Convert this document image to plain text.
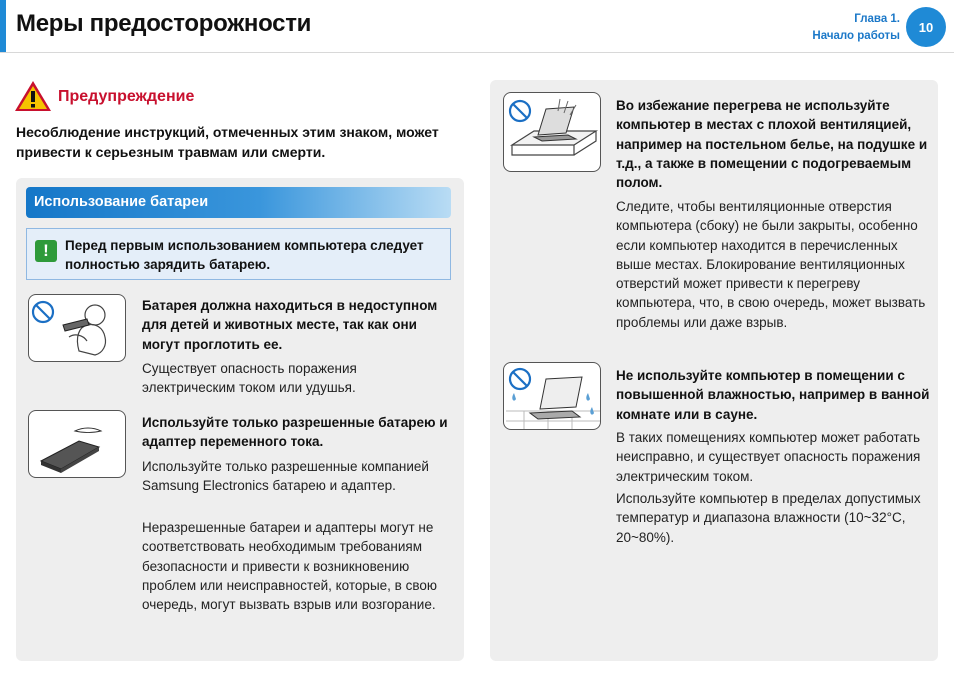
Меры предосторожности	Глава 1.
Начало работы
10
Предупреждение

Несоблюдение инструкций, отмеченных этим знаком, может привести к серьезным травмам или смерти.

Использование батареи
!	Перед первым использованием компьютера следует полностью зарядить батарею.

Батарея должна находиться в недоступном для детей и животных месте, так как они могут проглотить ее.

Существует опасность поражения электрическим током или удушья.

Используйте только разрешенные батарею и адаптер переменного тока.

Используйте только разрешенные компанией Samsung Electronics батарею и адаптер.

Неразрешенные батареи и адаптеры могут не соответствовать необходимым требованиям безопасности и привести к возникновению проблем или неисправностей, которые, в свою очередь, могут вызвать взрыв или возгорание.

Во избежание перегрева не используйте компьютер в местах с плохой вентиляцией, например на постельном белье, на подушке и т.д., а также в помещении с подогреваемым полом.

Следите, чтобы вентиляционные отверстия компьютера (сбоку) не были закрыты, особенно если компьютер находится в перечисленных выше местах. Блокирование вентиляционных отверстий может привести к перегреву компьютера, что, в свою очередь, может вызвать проблемы или даже взрыв.

Не используйте компьютер в помещении с повышенной влажностью, например в ванной комнате или в сауне.

В таких помещениях компьютер может работать неисправно, и существует опасность поражения электрическим током.

Используйте компьютер в пределах допустимых температур и диапазона влажности (10~32°C, 20~80%).
